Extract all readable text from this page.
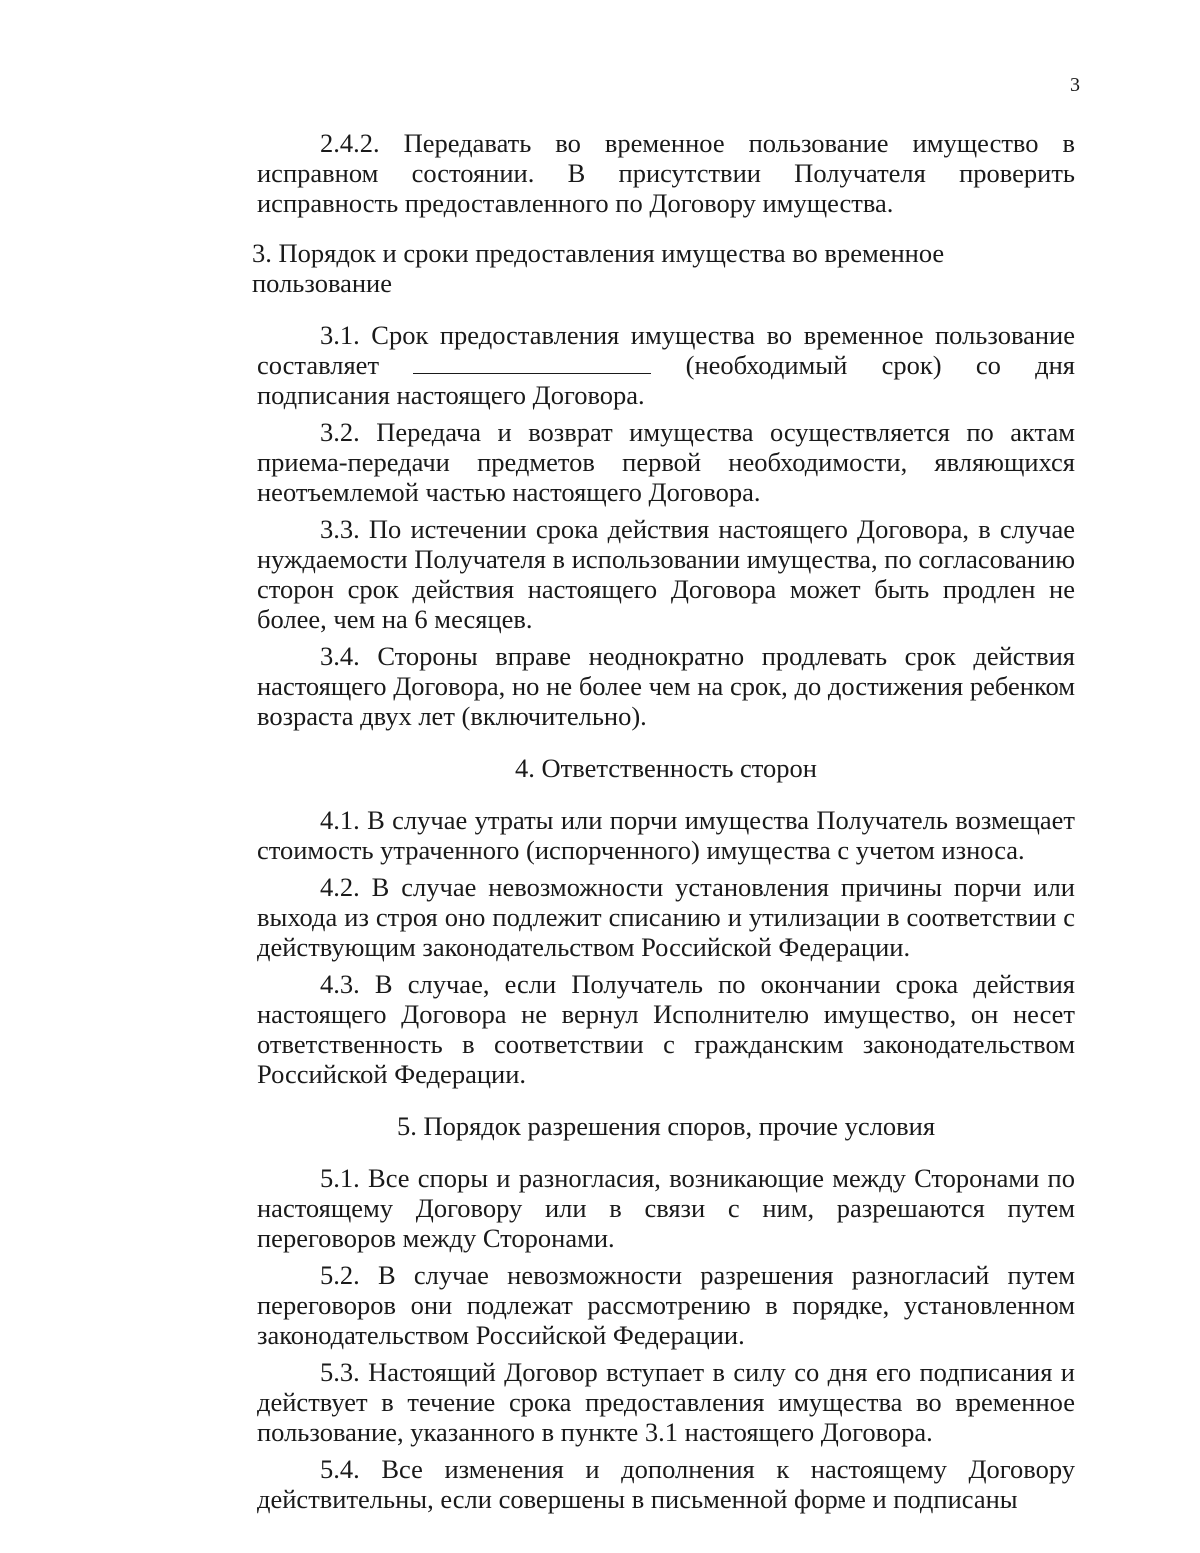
3

2.4.2. Передавать во временное пользование имущество в исправном состоянии. В присутствии Получателя проверить исправность предоставленного по Договору имущества.

3. Порядок и сроки предоставления имущества во временное пользование

3.1. Срок предоставления имущества во временное пользование составляет	(необходимый срок) со дня подписания настоящего Договора.

3.2. Передача и возврат имущества осуществляется по актам приема-передачи предметов первой необходимости, являющихся неотъемлемой частью настоящего Договора.

3.3. По истечении срока действия настоящего Договора, в случае нуждаемости Получателя в использовании имущества, по согласованию сторон срок действия настоящего Договора может быть продлен не более, чем на 6 месяцев.

3.4. Стороны вправе неоднократно продлевать срок действия настоящего Договора, но не более чем на срок, до достижения ребенком возраста двух лет (включительно).

4. Ответственность сторон

4.1. В случае утраты или порчи имущества Получатель возмещает стоимость утраченного (испорченного) имущества с учетом износа.

4.2. В случае невозможности установления причины порчи или выхода из строя оно подлежит списанию и утилизации в соответствии с действующим законодательством Российской Федерации.

4.3. В случае, если Получатель по окончании срока действия настоящего Договора не вернул Исполнителю имущество, он несет ответственность в соответствии с гражданским законодательством Российской Федерации.

5. Порядок разрешения споров, прочие условия

5.1. Все споры и разногласия, возникающие между Сторонами по настоящему Договору или в связи с ним, разрешаются путем переговоров между Сторонами.

5.2. В случае невозможности разрешения разногласий путем переговоров они подлежат рассмотрению в порядке, установленном законодательством Российской Федерации.

5.3. Настоящий Договор вступает в силу со дня его подписания и действует в течение срока предоставления имущества во временное пользование, указанного в пункте 3.1 настоящего Договора.

5.4. Все изменения и дополнения к настоящему Договору действительны, если совершены в письменной форме и подписаны
